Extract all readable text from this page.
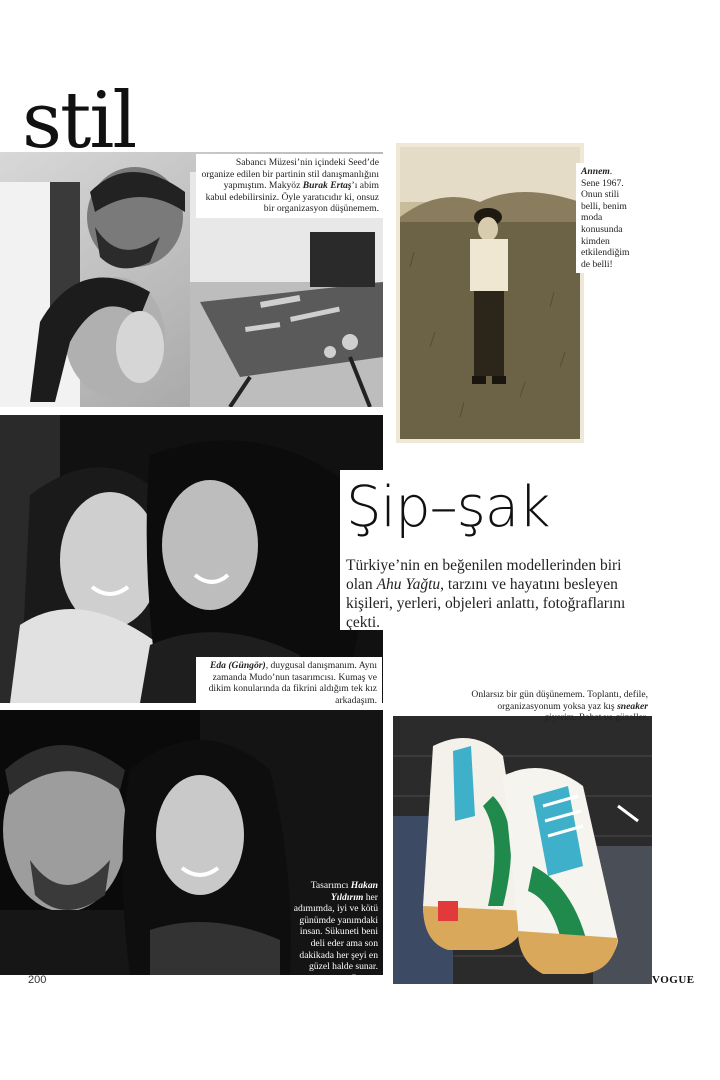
stil	Sabancı Müzesi’nin içindeki Seed’de organize edilen bir partinin stil danışmanlığını yapmıştım. Makyöz Burak Ertaş’ı abim kabul edebilirsiniz. Öyle yaratıcıdır ki, onsuz bir organizasyon düşünemem.
Annem. Sene 1967. Onun stili belli, benim moda konusunda kimden etkilendiğim de belli!
Şip–şak

Türkiye’nin en beğenilen modellerinden biri olan Ahu Yağtu, tarzını ve hayatını besleyen kişileri, yerleri, objeleri anlattı, fotoğraflarını çekti.

Eda (Güngör), duygusal danışmanım. Aynı zamanda Mudo’nun tasarımcısı. Kumaş ve dikim konularında da fikrini aldığım tek kız arkadaşım.
Tasarımcı Hakan Yıldırım her adımımda, iyi ve kötü günümde yanımdaki insan. Sükuneti beni deli eder ama son dakikada her şeyi en güzel halde sunar. Canım.
Onlarsız bir gün düşünemem. Toplantı, defile, organizasyonum yoksa yaz kış sneaker giyerim. Rahat ve güzeller.
200	VOGUE
